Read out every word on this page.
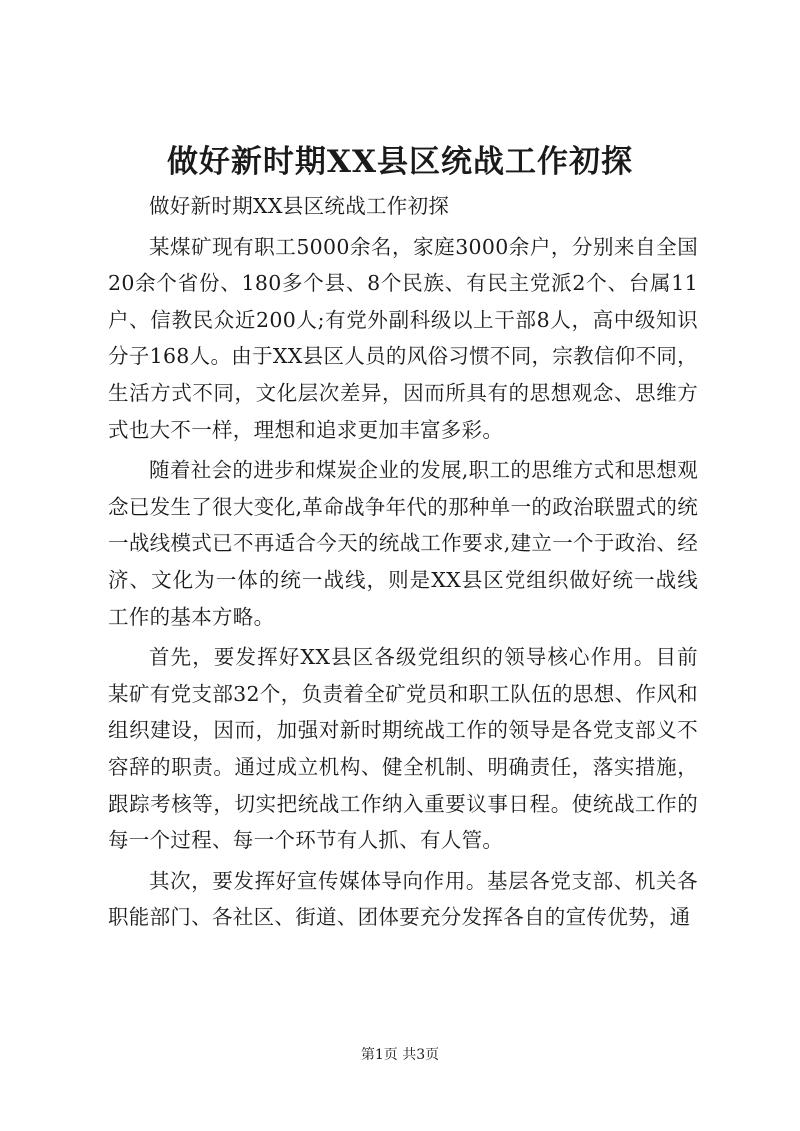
做好新时期XX县区统战工作初探

做好新时期XX县区统战工作初探

某煤矿现有职工5000余名，家庭3000余户，分别来自全国20余个省份、180多个县、8个民族、有民主党派2个、台属11户、信教民众近200人;有党外副科级以上干部8人，高中级知识分子168人。由于XX县区人员的风俗习惯不同，宗教信仰不同，生活方式不同，文化层次差异，因而所具有的思想观念、思维方式也大不一样，理想和追求更加丰富多彩。

随着社会的进步和煤炭企业的发展,职工的思维方式和思想观念已发生了很大变化,革命战争年代的那种单一的政治联盟式的统一战线模式已不再适合今天的统战工作要求,建立一个于政治、经济、文化为一体的统一战线，则是XX县区党组织做好统一战线工作的基本方略。

首先，要发挥好XX县区各级党组织的领导核心作用。目前某矿有党支部32个，负责着全矿党员和职工队伍的思想、作风和组织建设，因而，加强对新时期统战工作的领导是各党支部义不容辞的职责。通过成立机构、健全机制、明确责任，落实措施，跟踪考核等，切实把统战工作纳入重要议事日程。使统战工作的每一个过程、每一个环节有人抓、有人管。

其次，要发挥好宣传媒体导向作用。基层各党支部、机关各职能部门、各社区、街道、团体要充分发挥各自的宣传优势，通

第1页 共3页
